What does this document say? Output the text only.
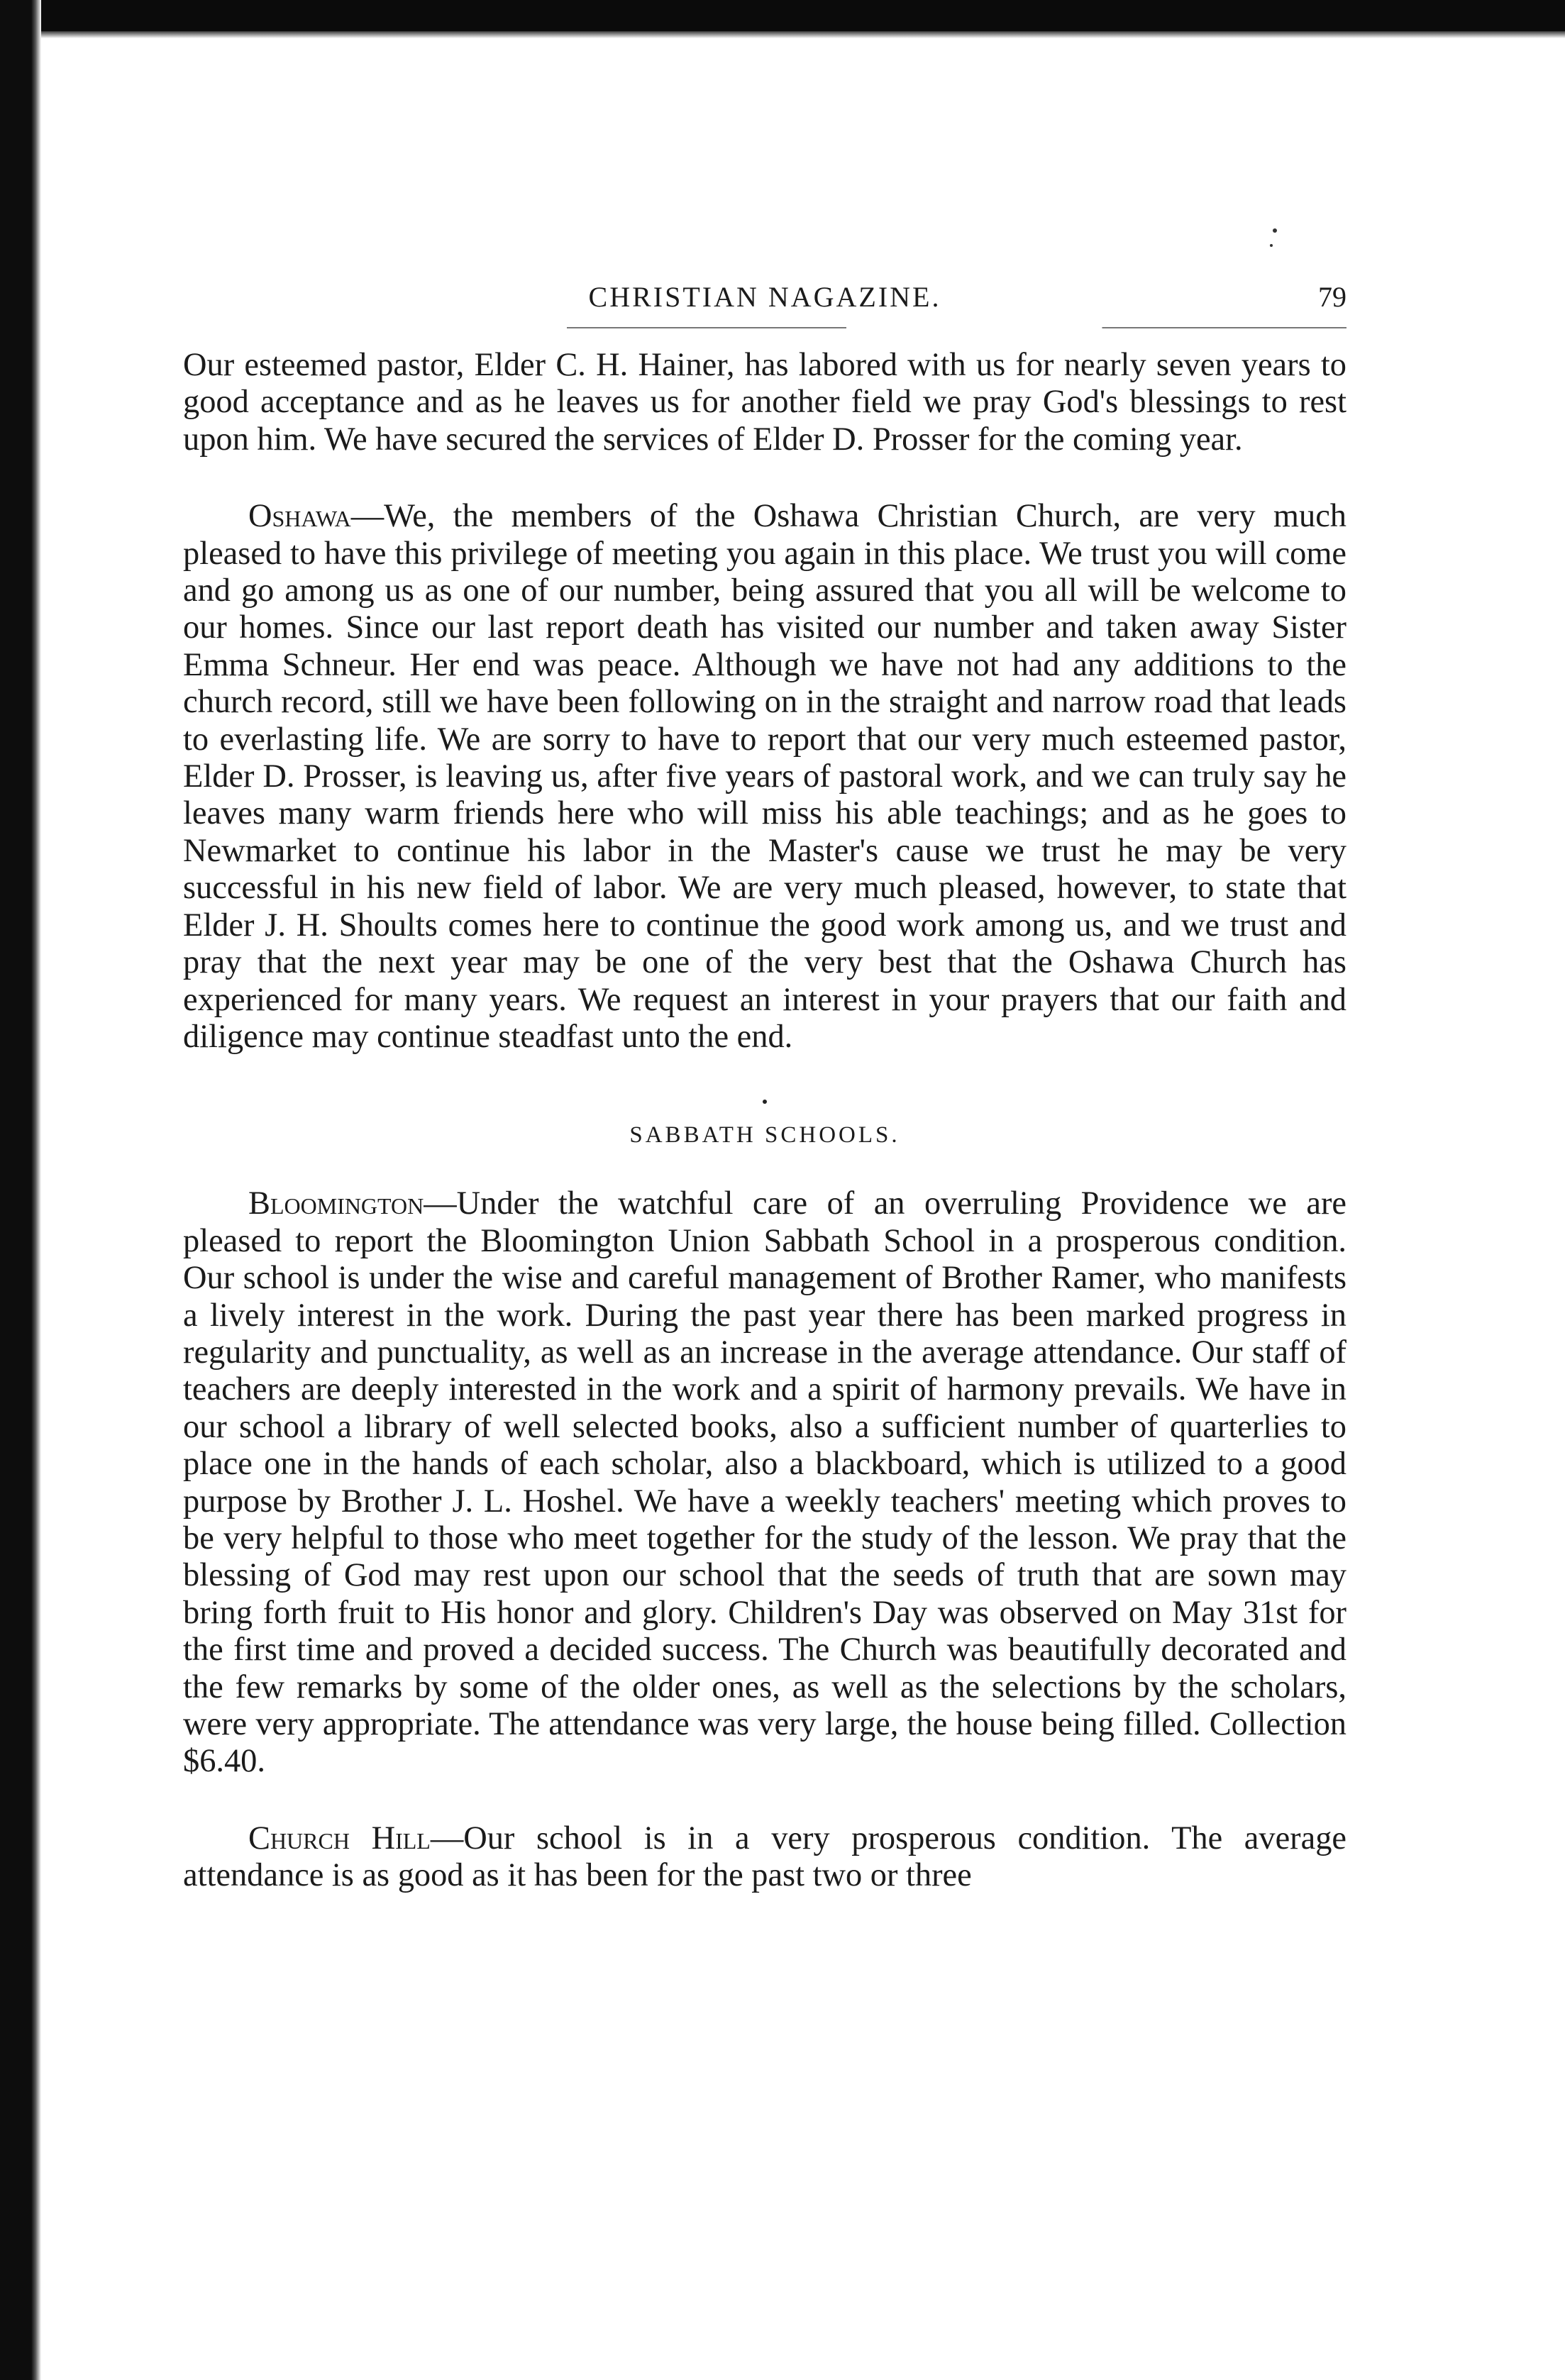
CHRISTIAN NAGAZINE.	79

Our esteemed pastor, Elder C. H. Hainer, has labored with us for nearly seven years to good acceptance and as he leaves us for another field we pray God's blessings to rest upon him. We have secured the services of Elder D. Prosser for the coming year.

Oshawa—We, the members of the Oshawa Christian Church, are very much pleased to have this privilege of meeting you again in this place. We trust you will come and go among us as one of our number, being assured that you all will be welcome to our homes. Since our last report death has visited our number and taken away Sister Emma Schneur. Her end was peace. Although we have not had any additions to the church record, still we have been following on in the straight and narrow road that leads to everlasting life. We are sorry to have to report that our very much esteemed pastor, Elder D. Prosser, is leaving us, after five years of pastoral work, and we can truly say he leaves many warm friends here who will miss his able teachings; and as he goes to Newmarket to continue his labor in the Master's cause we trust he may be very successful in his new field of labor. We are very much pleased, however, to state that Elder J. H. Shoults comes here to continue the good work among us, and we trust and pray that the next year may be one of the very best that the Oshawa Church has experienced for many years. We request an interest in your prayers that our faith and diligence may continue steadfast unto the end.

SABBATH SCHOOLS.

Bloomington—Under the watchful care of an overruling Providence we are pleased to report the Bloomington Union Sabbath School in a prosperous condition. Our school is under the wise and careful management of Brother Ramer, who manifests a lively interest in the work. During the past year there has been marked progress in regularity and punctuality, as well as an increase in the average attendance. Our staff of teachers are deeply interested in the work and a spirit of harmony prevails. We have in our school a library of well selected books, also a sufficient number of quarterlies to place one in the hands of each scholar, also a blackboard, which is utilized to a good purpose by Brother J. L. Hoshel. We have a weekly teachers' meeting which proves to be very helpful to those who meet together for the study of the lesson. We pray that the blessing of God may rest upon our school that the seeds of truth that are sown may bring forth fruit to His honor and glory. Children's Day was observed on May 31st for the first time and proved a decided success. The Church was beautifully decorated and the few remarks by some of the older ones, as well as the selections by the scholars, were very appropriate. The attendance was very large, the house being filled. Collection $6.40.

Church Hill—Our school is in a very prosperous condition. The average attendance is as good as it has been for the past two or three
